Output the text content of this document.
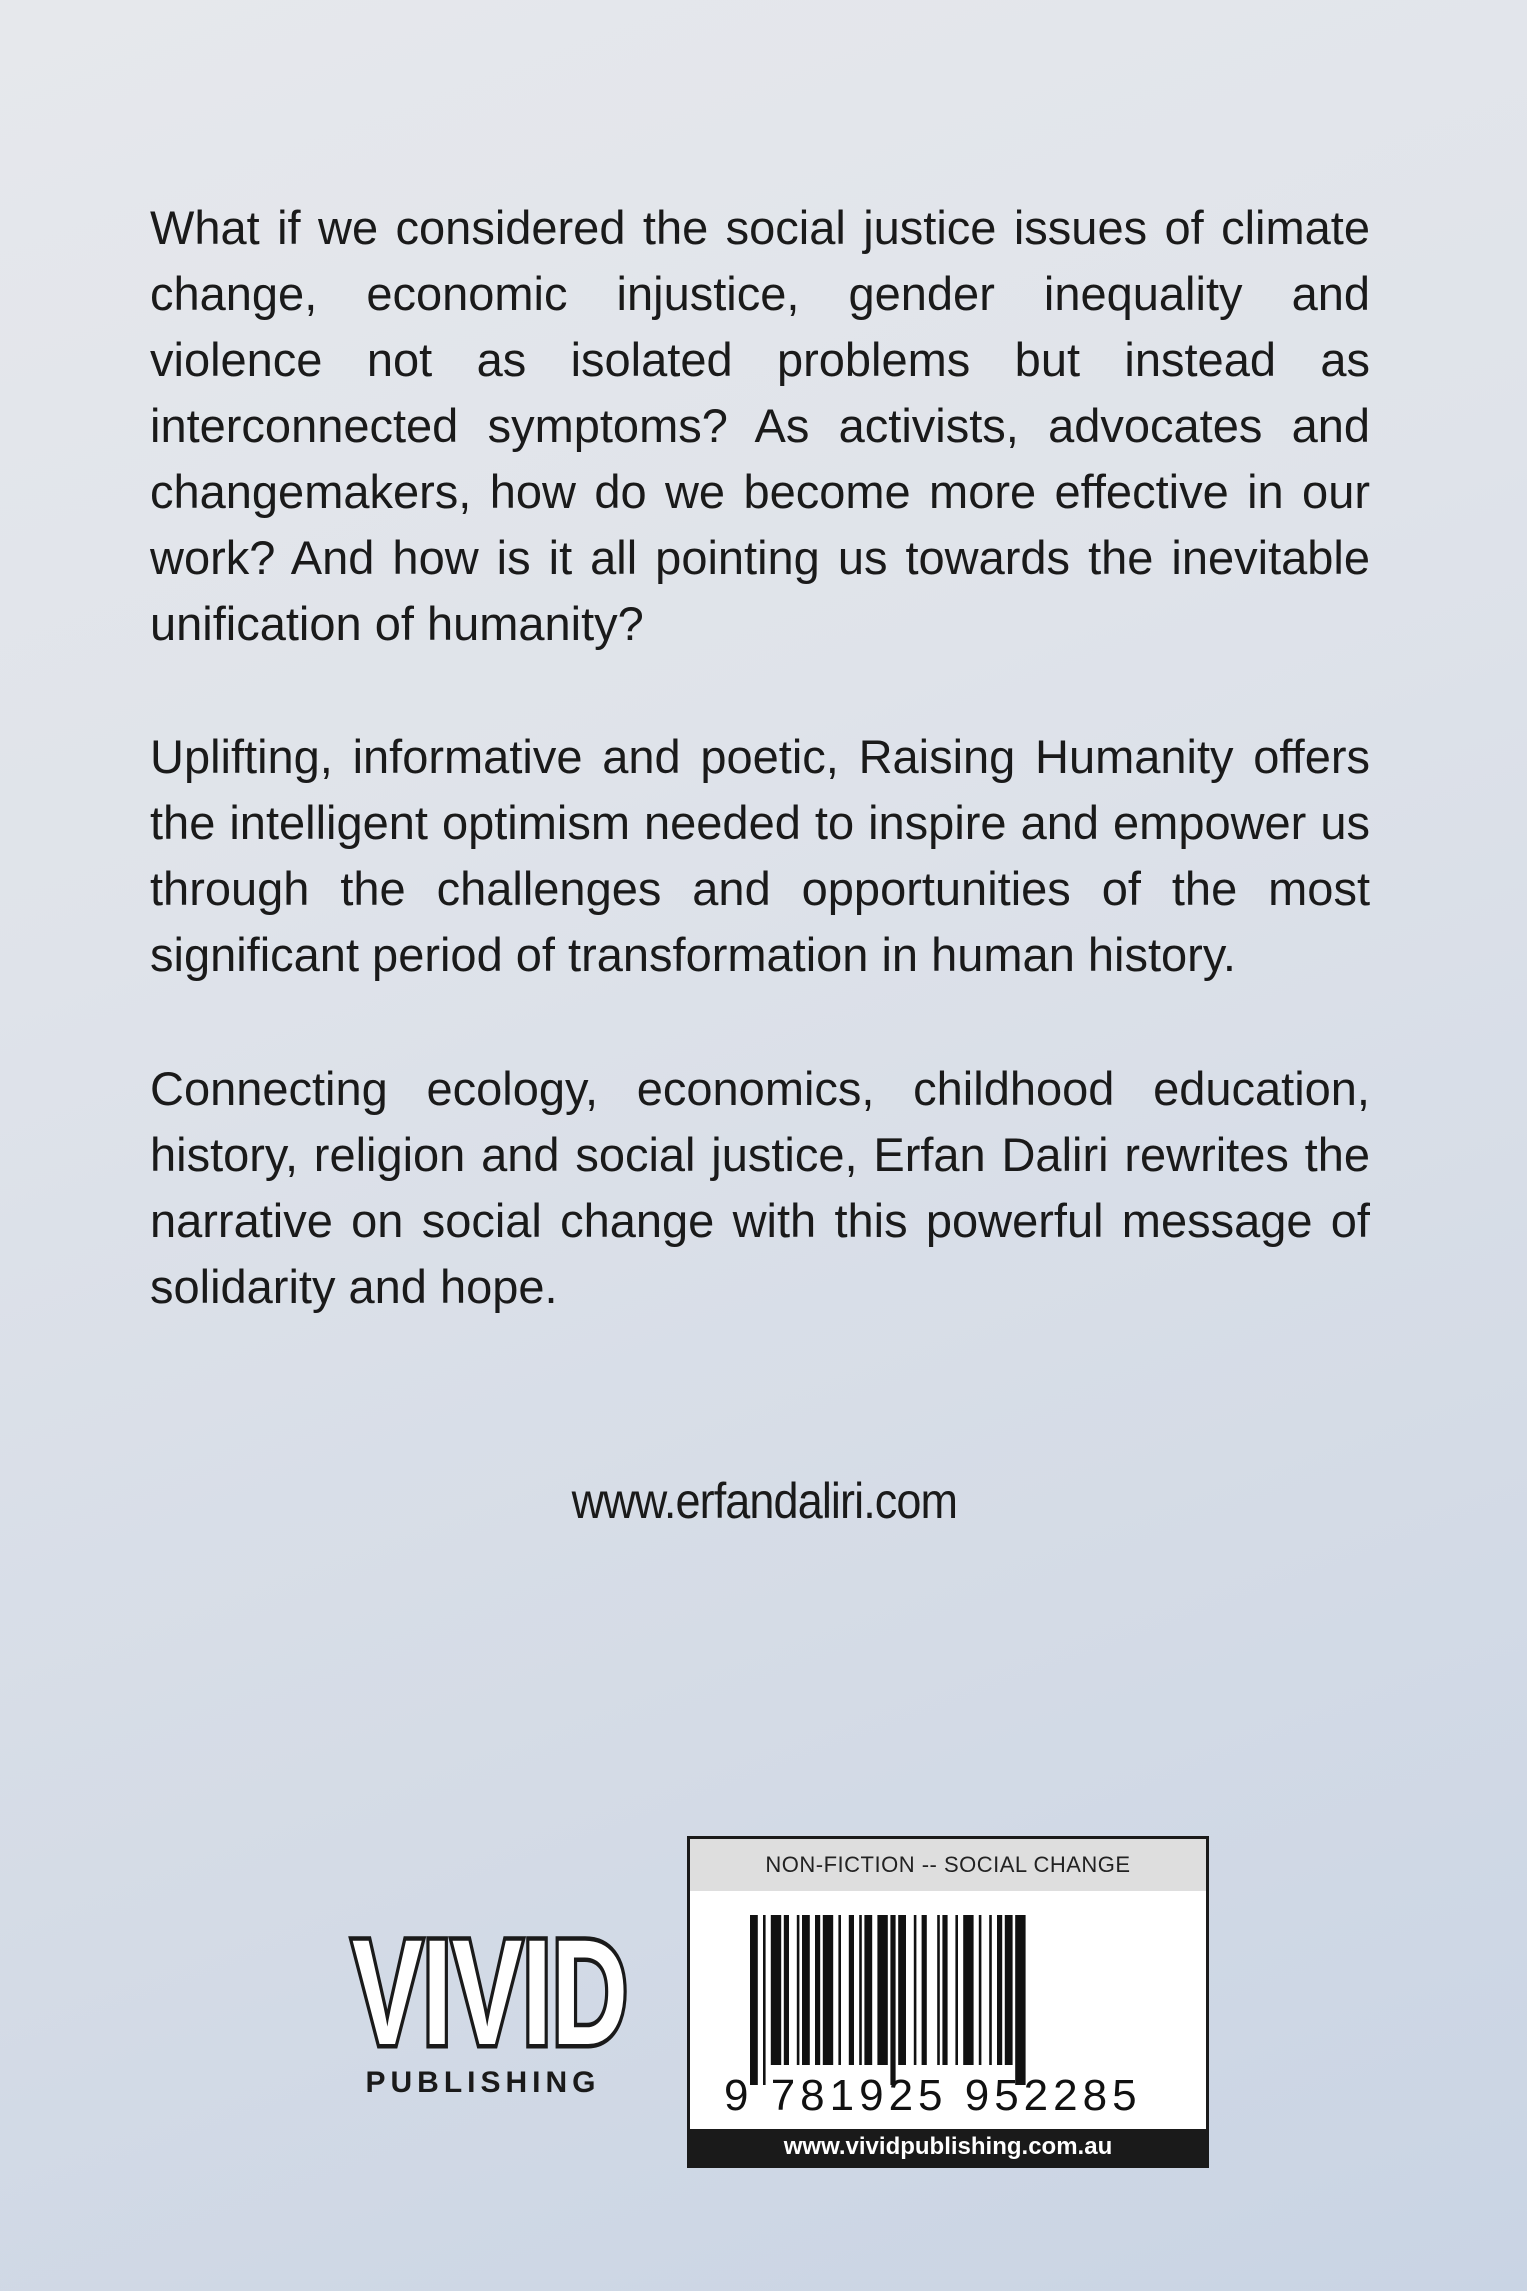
What if we considered the social justice issues of climate change, economic injustice, gender inequality and violence not as isolated problems but instead as interconnected symptoms? As activists, advocates and changemakers, how do we become more effective in our work? And how is it all pointing us towards the inevitable unification of humanity?

Uplifting, informative and poetic, Raising Humanity offers the intelligent optimism needed to inspire and empower us through the challenges and opportunities of the most significant period of transformation in human history.

Connecting ecology, economics, childhood education, history, religion and social justice, Erfan Daliri rewrites the narrative on social change with this powerful message of solidarity and hope.

www.erfandaliri.com
VIVID
PUBLISHING
NON-FICTION -- SOCIAL CHANGE
9 781925 952285
www.vividpublishing.com.au
